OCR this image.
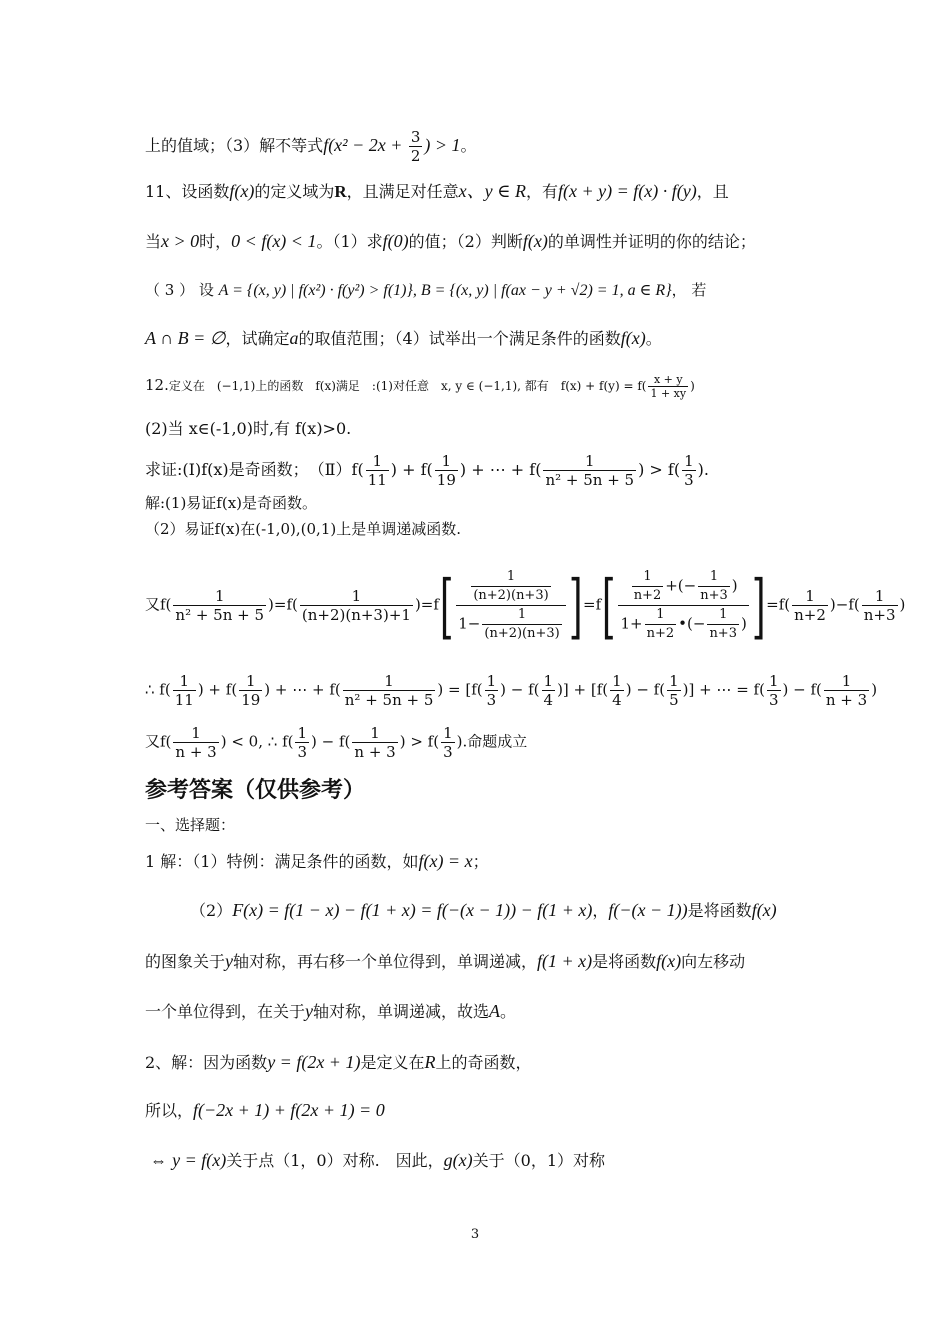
上的值域；（3）解不等式$f(x^2 - 2x + \frac{3}{2}$ ) > 1。
11、设函数f(x)的定义域为R，且满足对任意x、y ∈ R，有f(x + y) = f(x) · f(y)，且
当x > 0时，0 < f(x) < 1。（1）求f(0)的值；（2）判断f(x)的单调性并证明的你的结论；
（ 3 ） 设 A = {(x, y) | f(x²) · f(y²) > f(1)}, B = {(x, y) | f(ax − y + √2) = 1, a ∈ R}， 若
A ∩ B = ∅，试确定a的取值范围；（4）试举出一个满足条件的函数f(x)。
12.定义在　(−1,1)上的函数　f(x)满足　:(1)对任意　x, y ∈ (−1,1), 都有　$f(x) + f(y) = f( \frac{x + y}{1 + xy}$ )
(2)当 x∈(-1,0)时,有 f(x)>0.
求证:(Ⅰ)f(x)是奇函数；　 （Ⅱ）f( $\frac{1}{11}$ ) + $f( \frac{1}{19}$ ) + ⋯ + $f( \frac{1}{\text{n² + 5n + 5}}$ ) > $f( \frac{1}{3}$ ).
解:(1)易证f(x)是奇函数。
（2）易证f(x)在(-1,0),(0,1)上是单调递减函数.
又$f( \frac{1}{\text{n² + 5n + 5}} )=f( \frac{1}{(n+2)(n+3)+1} )=f[ \frac{\frac{1}{(n+2)(n+3)}}{1- \frac{1}{(n+2)(n+3)}} ]=f[ \frac{\frac{1}{n+2} +(- \frac{1}{n+3} )}{1+ \frac{1}{n+2} •(- \frac{1}{n+3} )} ]=f( \frac{1}{n+2} )-f( \frac{1}{n+3}$ )
∴ $f( \frac{1}{11}$ ) + $f( \frac{1}{19}$ ) + ⋯ + $f( \frac{1}{\text{n² + 5n + 5}}$ ) = [$f( \frac{1}{3}$ ) − $f( \frac{1}{4}$ )] + [$f( \frac{1}{4}$ ) − $f( \frac{1}{5}$ )] + ⋯ = $f( \frac{1}{3}$ ) − $f( \frac{1}{n + 3}$ )
又$f( \frac{1}{n + 3}$ ) < 0, ∴ $f( \frac{1}{3}$ ) − $f( \frac{1}{n + 3}$ ) > $f( \frac{1}{3}$ ).命题成立
参考答案（仅供参考）
一、选择题：
1 解：（1）特例：满足条件的函数，如f(x) = x；
（2）F(x) = f(1 − x) − f(1 + x) = f(−(x − 1)) − f(1 + x)，f(−(x − 1))是将函数f(x)
的图象关于y轴对称，再右移一个单位得到，单调递减，f(1 + x)是将函数f(x)向左移动
一个单位得到，在关于y轴对称，单调递减，故选A。
2、解：因为函数y = f(2x + 1)是定义在R上的奇函数，
所以，f(−2x + 1) + f(2x + 1) = 0
⇔ y = f(x)关于点（1，0）对称.　因此，g(x)关于（0，1）对称
3
